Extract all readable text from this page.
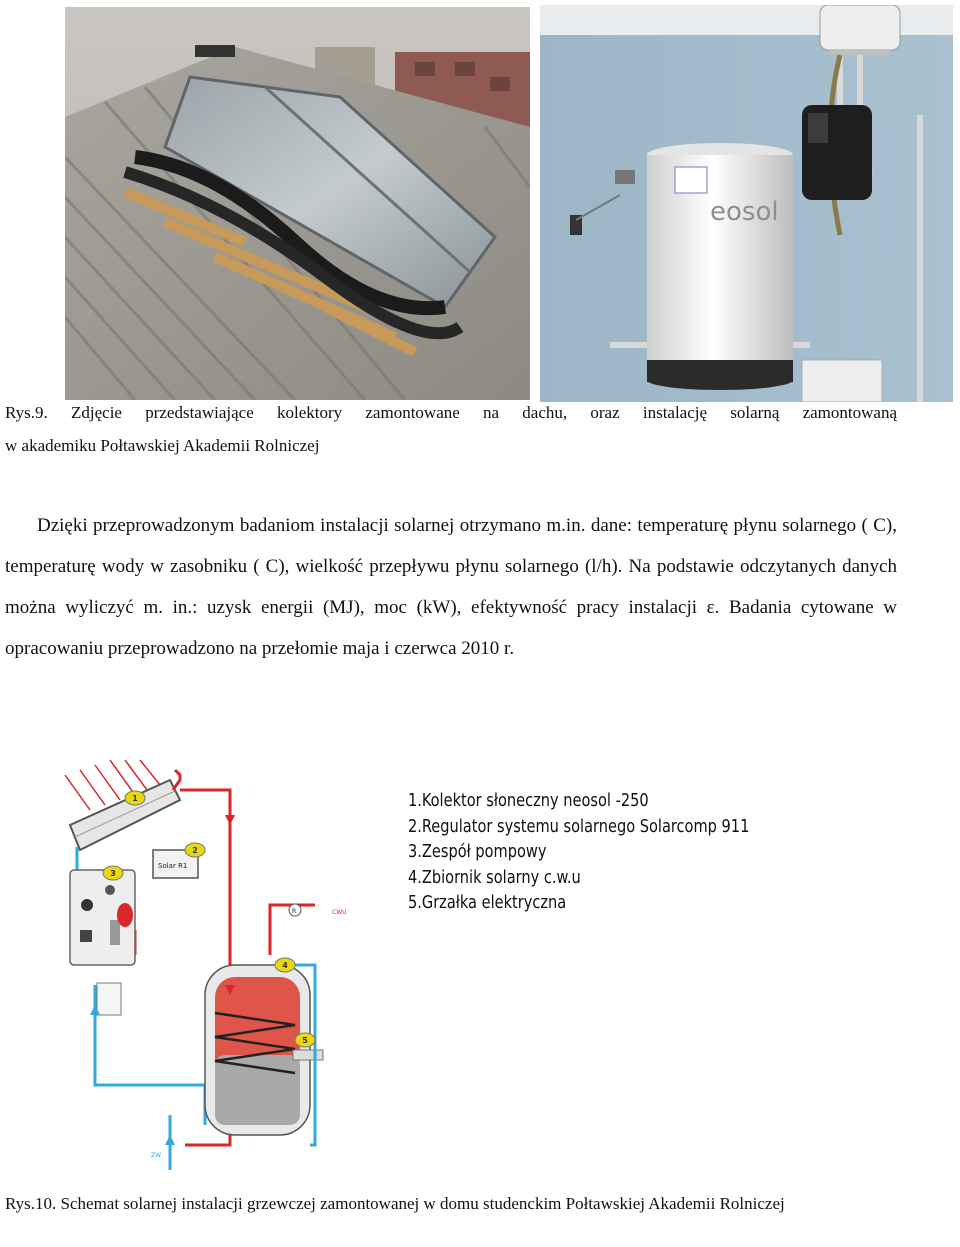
eosol
Rys.9. Zdjęcie przedstawiające kolektory zamontowane na dachu, oraz instalację solarną zamontowaną
w akademiku Połtawskiej Akademii Rolniczej
Dzięki przeprowadzonym badaniom instalacji solarnej otrzymano m.in. dane: temperaturę płynu solarnego ( C), temperaturę wody w zasobniku ( C), wielkość przepływu płynu solarnego (l/h). Na podstawie odczytanych danych można wyliczyć m. in.: uzysk energii (MJ), moc (kW), efektywność pracy instalacji ε. Badania cytowane w opracowaniu przeprowadzono na przełomie maja i czerwca 2010 r.
Solar R1
R	CWU
ZW
1
2
3
4
5
1.Kolektor słoneczny neosol -250
2.Regulator systemu solarnego Solarcomp 911
3.Zespół pompowy
4.Zbiornik solarny c.w.u
5.Grzałka elektryczna
Rys.10. Schemat solarnej instalacji grzewczej zamontowanej w domu studenckim Połtawskiej Akademii Rolniczej
